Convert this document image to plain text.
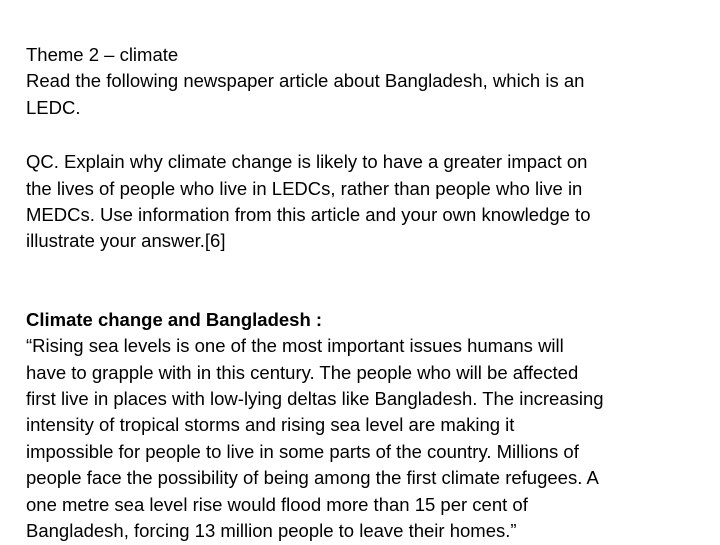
Theme 2 – climate

Read the following newspaper article about Bangladesh, which is an
LEDC.

QC. Explain why climate change is likely to have a greater impact on
the lives of people who live in LEDCs, rather than people who live in
MEDCs. Use information from this article and your own knowledge to
illustrate your answer.[6]

Climate change and Bangladesh :

“Rising sea levels is one of the most important issues humans will
have to grapple with in this century. The people who will be affected
first live in places with low-lying deltas like Bangladesh. The increasing
intensity of tropical storms and rising sea level are making it
impossible for people to live in some parts of the country. Millions of
people face the possibility of being among the first climate refugees. A
one metre sea level rise would flood more than 15 per cent of
Bangladesh, forcing 13 million people to leave their homes.”
